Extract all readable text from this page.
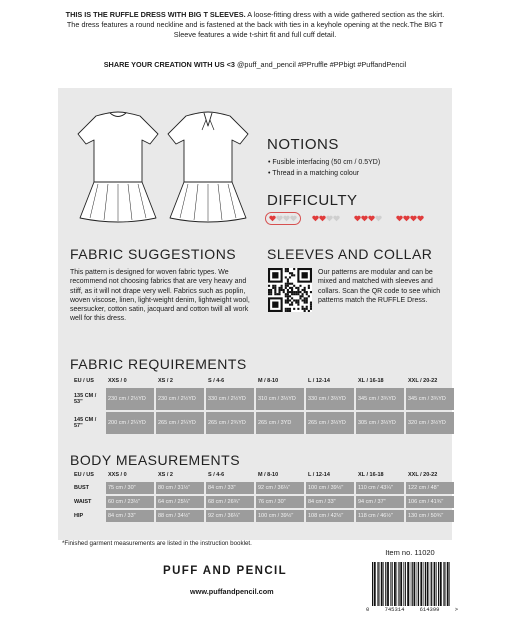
THIS IS THE RUFFLE DRESS WITH BIG T SLEEVES. A loose-fitting dress with a wide gathered section as the skirt. The dress features a round neckline and is fastened at the back with ties in a keyhole opening at the neck.The BIG T Sleeve features a wide t-shirt fit and full cuff detail.
SHARE YOUR CREATION WITH US <3 @puff_and_pencil #PPruffle #PPbigt #PuffandPencil
NOTIONS
• Fusible interfacing (50 cm / 0.5YD)
• Thread in a matching colour
DIFFICULTY
FABRIC SUGGESTIONS
This pattern is designed for woven fabric types. We recommend not choosing fabrics that are very heavy and stiff, as it will not drape very well. Fabrics such as poplin, woven viscose, linen, light-weight denim, lightweight wool, seersucker, cotton satin, jacquard and cotton twill all work well for this dress.
SLEEVES AND COLLAR
Our patterns are modular and can be mixed and matched with sleeves and collars. Scan the QR code to see which patterns match the RUFFLE Dress.
FABRIC REQUIREMENTS
EU / US	XXS / 0	XS / 2	S / 4-6	M / 8-10	L / 12-14	XL / 16-18	XXL / 20-22
135 CM / 53"	230 cm / 2½YD	230 cm / 2½YD	330 cm / 2½YD	310 cm / 3⅓YD	330 cm / 3⅔YD	345 cm / 3¾YD	345 cm / 3¾YD
145 CM / 57"	200 cm / 2¼YD	265 cm / 2¼YD	265 cm / 2¾YD	265 cm / 3YD	265 cm / 3⅓YD	305 cm / 3⅓YD	320 cm / 3½YD
BODY MEASUREMENTS
EU / US	XXS / 0	XS / 2	S / 4-6	M / 8-10	L / 12-14	XL / 16-18	XXL / 20-22
BUST	75 cm / 30"	80 cm / 31½"	84 cm / 33"	92 cm / 36¼"	100 cm / 39½"	110 cm / 43¼"	122 cm / 48"
WAIST	60 cm / 23½"	64 cm / 25¼"	68 cm / 26¾"	76 cm / 30"	84 cm / 33"	94 cm / 37"	106 cm / 41¾"
HIP	84 cm / 33"	88 cm / 34½"	92 cm / 36¼"	100 cm / 39½"	108 cm / 42½"	118 cm / 46½"	130 cm / 50¾"
*Finished garment measurements are listed in the instruction booklet.
Item no. 11020
PUFF AND PENCIL
www.puffandpencil.com
0	745314	614399	>
